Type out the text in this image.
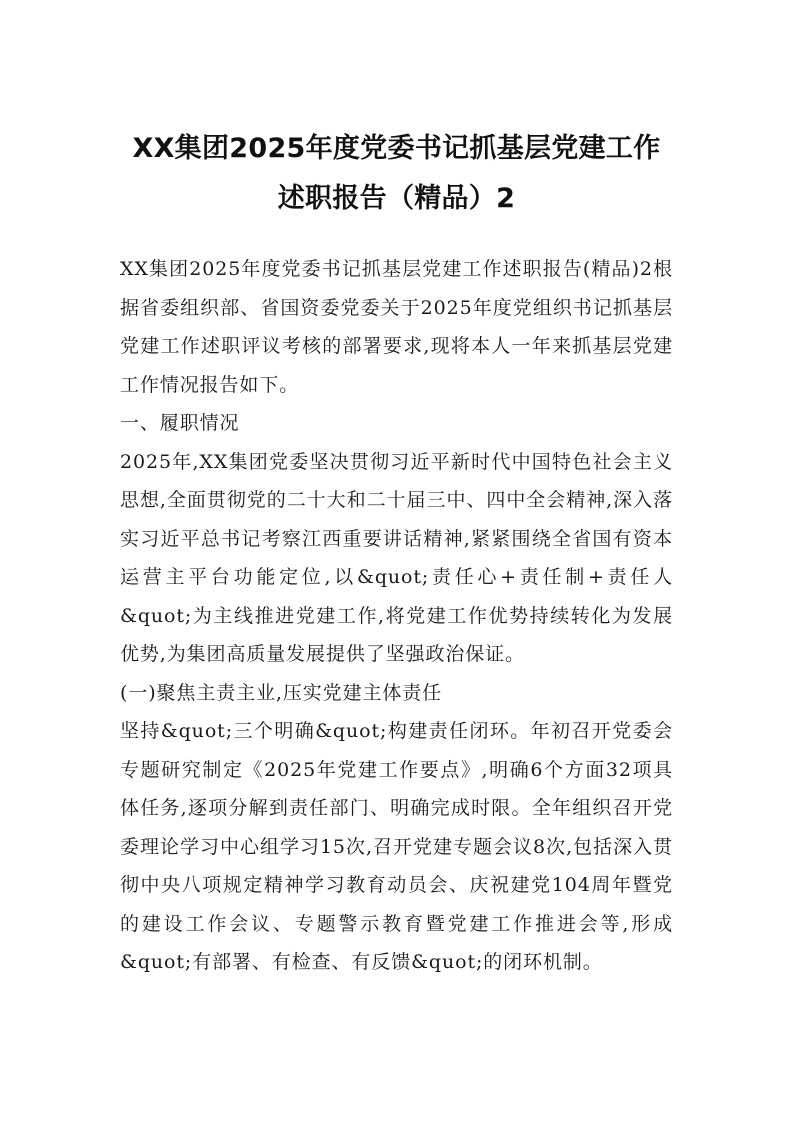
XX集团2025年度党委书记抓基层党建工作
述职报告（精品）2

XX集团2025年度党委书记抓基层党建工作述职报告(精品)2根据省委组织部、省国资委党委关于2025年度党组织书记抓基层党建工作述职评议考核的部署要求,现将本人一年来抓基层党建工作情况报告如下。

一、履职情况

2025年,XX集团党委坚决贯彻习近平新时代中国特色社会主义思想,全面贯彻党的二十大和二十届三中、四中全会精神,深入落实习近平总书记考察江西重要讲话精神,紧紧围绕全省国有资本运营主平台功能定位,以&quot;责任心+责任制+责任人&quot;为主线推进党建工作,将党建工作优势持续转化为发展优势,为集团高质量发展提供了坚强政治保证。

(一)聚焦主责主业,压实党建主体责任

坚持&quot;三个明确&quot;构建责任闭环。年初召开党委会专题研究制定《2025年党建工作要点》,明确6个方面32项具体任务,逐项分解到责任部门、明确完成时限。全年组织召开党委理论学习中心组学习15次,召开党建专题会议8次,包括深入贯彻中央八项规定精神学习教育动员会、庆祝建党104周年暨党的建设工作会议、专题警示教育暨党建工作推进会等,形成&quot;有部署、有检查、有反馈&quot;的闭环机制。
